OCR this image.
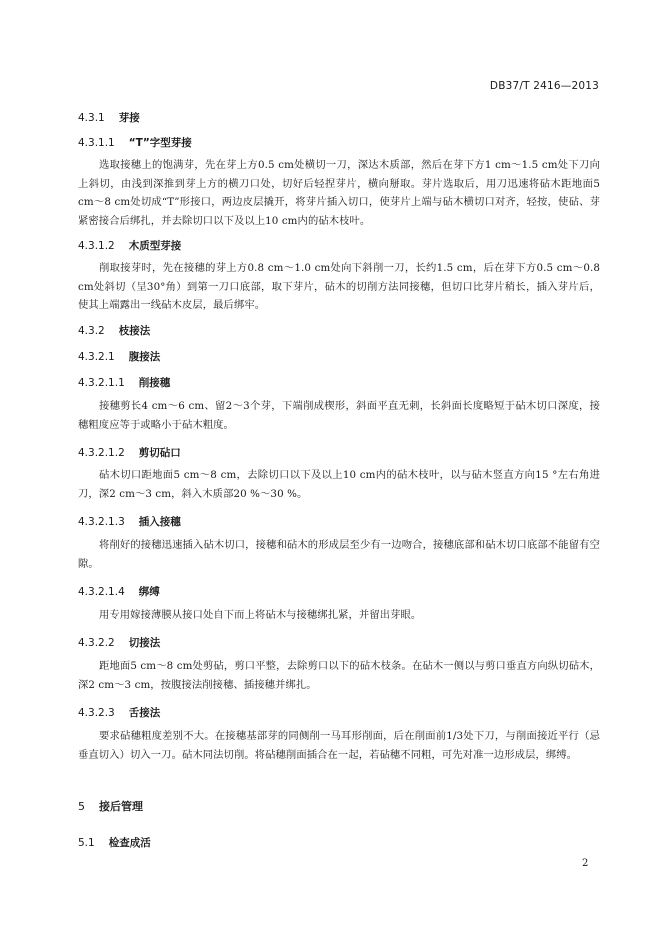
DB37/T 2416—2013
4.3.1 芽接
4.3.1.1 “T”字型芽接
选取接穗上的饱满芽，先在芽上方0.5 cm处横切一刀，深达木质部，然后在芽下方1 cm～1.5 cm处下刀向上斜切，由浅到深推到芽上方的横刀口处，切好后轻捏芽片，横向掰取。芽片选取后，用刀迅速将砧木距地面5 cm～8 cm处切成“T”形接口，两边皮层撬开，将芽片插入切口，使芽片上端与砧木横切口对齐，轻按，使砧、芽紧密接合后绑扎，并去除切口以下及以上10 cm内的砧木枝叶。
4.3.1.2 木质型芽接
削取接芽时，先在接穗的芽上方0.8 cm～1.0 cm处向下斜削一刀，长约1.5 cm，后在芽下方0.5 cm～0.8 cm处斜切（呈30°角）到第一刀口底部，取下芽片，砧木的切削方法同接穗，但切口比芽片稍长，插入芽片后，使其上端露出一线砧木皮层，最后绑牢。
4.3.2 枝接法
4.3.2.1 腹接法
4.3.2.1.1 削接穗
接穗剪长4 cm～6 cm、留2～3个芽，下端削成楔形，斜面平直无刺，长斜面长度略短于砧木切口深度，接穗粗度应等于或略小于砧木粗度。
4.3.2.1.2 剪切砧口
砧木切口距地面5 cm～8 cm，去除切口以下及以上10 cm内的砧木枝叶，以与砧木竖直方向15 °左右角进刀，深2 cm～3 cm，斜入木质部20 %～30 %。
4.3.2.1.3 插入接穗
将削好的接穗迅速插入砧木切口，接穗和砧木的形成层至少有一边吻合，接穗底部和砧木切口底部不能留有空隙。
4.3.2.1.4 绑缚
用专用嫁接薄膜从接口处自下而上将砧木与接穗绑扎紧，并留出芽眼。
4.3.2.2 切接法
距地面5 cm～8 cm处剪砧，剪口平整，去除剪口以下的砧木枝条。在砧木一侧以与剪口垂直方向纵切砧木，深2 cm～3 cm，按腹接法削接穗、插接穗并绑扎。
4.3.2.3 舌接法
要求砧穗粗度差别不大。在接穗基部芽的同侧削一马耳形削面，后在削面前1/3处下刀，与削面接近平行（忌垂直切入）切入一刀。砧木同法切削。将砧穗削面插合在一起，若砧穗不同粗，可先对准一边形成层，绑缚。
5 接后管理
5.1 检查成活
2
